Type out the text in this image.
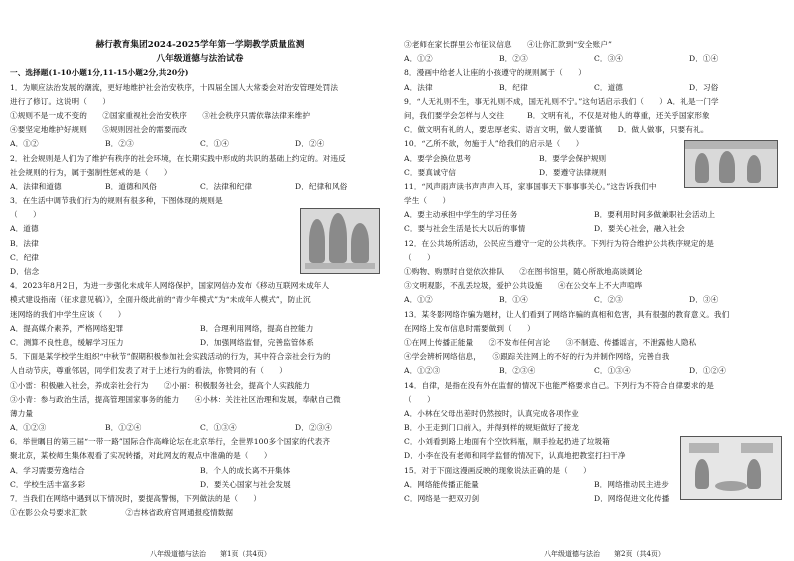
赫行教育集团2024-2025学年第一学期教学质量监测
八年级道德与法治试卷
一、选择题(1-10小题1分,11-15小题2分,共20分)
1．为顺应法治发展的潮流，更好地维护社会治安秩序，十四届全国人大常委会对治安管理处罚法
进行了修订。这说明（　　）
①规则不是一成不变的　　②国家重视社会治安秩序　　③社会秩序只需依靠法律来维护
④要坚定地维护好规则　　⑤规则因社会的需要而改
A．①②	B．②③	C．①④	D．②④
2．社会规则是人们为了维护有秩序的社会环境，在长期实践中形成的共识的基础上约定的。对违反
社会规则的行为，属于强制性惩戒的是（　　）
A．法律和道德	B．道德和风俗	C．法律和纪律	D．纪律和风俗
3．在生活中调节我们行为的规则有很多种，下图体现的规则是
（　　）
A．道德
B．法律
C．纪律
D．信念
4．2023年8月2日，为进一步强化未成年人网络保护，国家网信办发布《移动互联网未成年人
模式建设指南（征求意见稿）》，全面升级此前的“青少年模式”为“未成年人模式”，防止沉
迷网络的我们中学生应该（　　）
A．提高媒介素养，严格网络犯罪	B．合理利用网络，提高自控能力
C．测算不良性息，缓解学习压力	D．加强网络监督，完善监管体系
5．下面是某学校学生组织“中秋节”假期积极参加社会实践活动的行为，其中符合亲社会行为的
人自动节庆，尊重邻居，同学们发表了对于上述行为的看法，你赞同的有（　　）
①小雷：积极融入社会，养成亲社会行为　　②小丽：积极服务社会，提高个人实践能力
③小青：参与政治生活，提高管理国家事务的能力　　④小林：关注社区治理和发展，奉献自己微
薄力量
A．①②③	B．①②④	C．①③④	D．②③④
6．举世瞩目的第三届“一带一路”国际合作高峰论坛在北京举行，全世界100多个国家的代表齐
聚北京，某校师生集体观看了实况转播，对此网友的观点中准确的是（　　）
A．学习需要劳逸结合	B．个人的成长离不开集体
C．学校生活丰富多彩	D．要关心国家与社会发展
7．当我们在网络中遇到以下情况时，要提高警惕，下列做法的是（　　）
①在影公众号要求汇款　　　　　②吉林省政府官网通报疫情数据
③老师在家长群里公布征议信息　　④让你汇款到“安全账户”
A．①②	B．②③	C．③④	D．①④
8．漫画中给老人让座的小孩遵守的规则属于（　　）
A．法律	B．纪律	C．道德	D．习俗
9．“人无礼则不生，事无礼则不成，国无礼则不宁。”这句话启示我们（　　）A．礼是一门学
问，我们要学会怎样与人交往　　　B．文明有礼，不仅是对他人的尊重，还关乎国家形象
C．做文明有礼的人，要忠厚老实、语言文明，做人要谨慎　　D．做人做事，只要有礼。
10．“乙所不欲，勿施于人”给我们的启示是（　　）
A．要学会换位思考	B．要学会保护规则
C．要真诚守信	D．要遵守法律规则
11．“风声雨声读书声声声入耳，家事国事天下事事事关心。”这告诉我们中
学生（　　）
A．要主动承担中学生的学习任务	B．要利用时间多做兼职社会活动上
C．要与社会生活是长大以后的事情	D．要关心社会，融入社会
12．在公共场所活动，公民应当遵守一定的公共秩序。下列行为符合维护公共秩序规定的是
（　　）
①购物、购票时自觉依次排队　　②在图书馆里，随心所欲地高谈阔论
③文明观影，不乱丢垃圾，爱护公共设施　　④在公交车上不大声喧哗
A．①②	B．①④	C．②③	D．③④
13．某冬影网络诈骗为题材，让人们看到了网络诈骗的真相和危害，具有很强的教育意义。我们
在网络上发布信息时需要做到（　　）
①在网上传播正能量　　②不发布任何言论　　③不制造、传播谣言，不泄露他人隐私
④学会辨析网络信息，　　⑤跟踪关注网上的不好的行为并制作网络，完善自我
A．①②③	B．②③④	C．①③④	D．①②④
14．自律，是指在没有外在监督的情况下也能严格要求自己。下列行为不符合自律要求的是
（　　）
A．小林在父母出差时仍然按时，认真完成各项作业
B．小王走到门口前入，并得到样的规矩做好了接龙
C．小刘看到路上地面有个空饮料瓶，顺手捡起扔进了垃圾箱
D．小李在没有老师和同学监督的情况下，认真地把教室打扫干净
15．对于下面这漫画反映的现象说法正确的是（　　）
A．网络能传播正能量	B．网络推动民主进步
C．网络是一把双刃剑	D．网络促进文化传播
八年级道德与法治　　第1页（共4页）	八年级道德与法治　　第2页（共4页）
